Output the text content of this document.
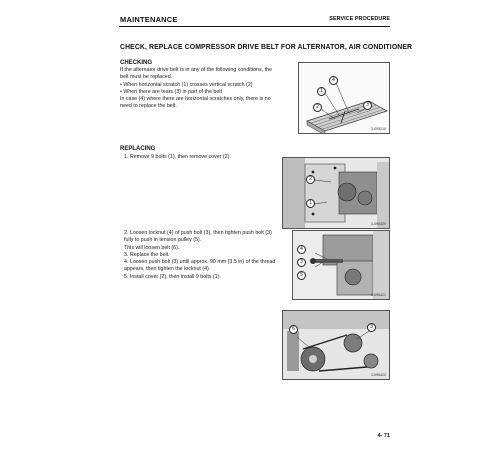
MAINTENANCE	SERVICE PROCEDURE
CHECK, REPLACE COMPRESSOR DRIVE BELT FOR ALTERNATOR, AIR CONDITIONER
CHECKING
If the alternator drive belt is in any of the following conditions, the
belt must be replaced.
• When horizontal scratch (1) crosses vertical scratch (2)
• When there are tears (3) in part of the belt
In case (4) where there are horizontal scratches only, there is no
need to replace the belt.
4
1
2	3
3-095210
REPLACING
1. Remove 9 bolts (1), then remove cover (2).
2
1
3-095420
2. Loosen locknut (4) of push bolt (3), then tighten push bolt (3)
fully to push in tension pulley (5).
This will loosen belt (6).
3. Replace the belt.
4. Loosen push bolt (3) until approx. 90 mm (3.5 in) of the thread
appears, then tighten the locknut (4).
5. Install cover (2), then install 9 bolts (1).
4
3
5
3-095421
6	3
3-095422
4- 71
